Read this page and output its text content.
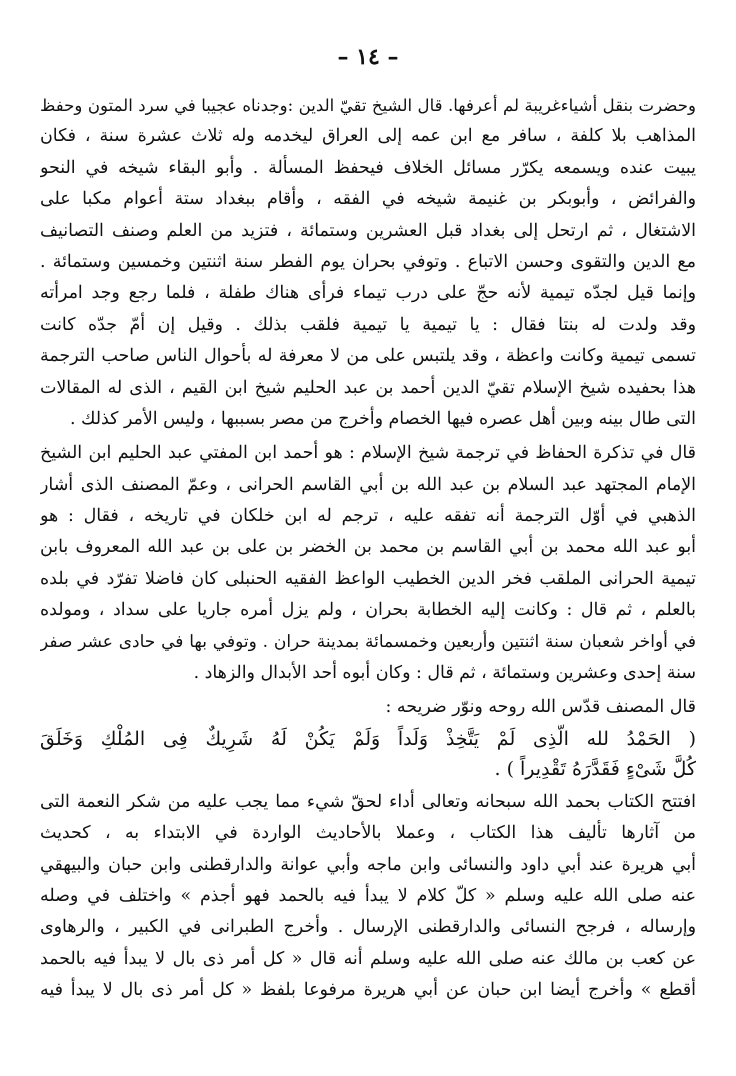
– ١٤ –
وحضرت بنقل أشياءغريبة لم أعرفها. قال الشيخ تقيّ الدين :وجدناه عجيبا في سرد المتون وحفظ
المذاهب بلا كلفة ، سافر مع ابن عمه إلى العراق ليخدمه وله ثلاث عشرة سنة ، فكان
يبيت عنده ويسمعه يكرّر مسائل الخلاف فيحفظ المسألة . وأبو البقاء شيخه في النحو
والفرائض ، وأبوبكر بن غنيمة شيخه في الفقه ، وأقام ببغداد ستة أعوام مكبا على
الاشتغال ، ثم ارتحل إلى بغداد قبل العشرين وستمائة ، فتزيد من العلم وصنف التصانيف
مع الدين والتقوى وحسن الاتباع . وتوفي بحران يوم الفطر سنة اثنتين وخمسين وستمائة .
وإنما قيل لجدّه تيمية لأنه حجّ على درب تيماء فرأى هناك طفلة ، فلما رجع وجد امرأته
وقد ولدت له بنتا فقال : يا تيمية يا تيمية فلقب بذلك . وقيل إن أمّ جدّه كانت
تسمى تيمية وكانت واعظة ، وقد يلتبس على من لا معرفة له بأحوال الناس صاحب الترجمة
هذا بحفيده شيخ الإسلام تقيّ الدين أحمد بن عبد الحليم شيخ ابن القيم ، الذى له المقالات
التى طال بينه وبين أهل عصره فيها الخصام وأخرج من مصر بسببها ، وليس الأمر كذلك .
قال في تذكرة الحفاظ في ترجمة شيخ الإسلام : هو أحمد ابن المفتي عبد الحليم ابن الشيخ
الإمام المجتهد عبد السلام بن عبد الله بن أبي القاسم الحرانى ، وعمّ المصنف الذى أشار
الذهبي في أوّل الترجمة أنه تفقه عليه ، ترجم له ابن خلكان في تاريخه ، فقال : هو
أبو عبد الله محمد بن أبي القاسم بن محمد بن الخضر بن على بن عبد الله المعروف بابن
تيمية الحرانى الملقب فخر الدين الخطيب الواعظ الفقيه الحنبلى كان فاضلا تفرّد في بلده
بالعلم ، ثم قال : وكانت إليه الخطابة بحران ، ولم يزل أمره جاريا على سداد ، ومولده
في أواخر شعبان سنة اثنتين وأربعين وخمسمائة بمدينة حران . وتوفي بها في حادى عشر صفر
سنة إحدى وعشرين وستمائة ، ثم قال : وكان أبوه أحد الأبدال والزهاد .
قال المصنف قدّس الله روحه ونوّر ضريحه :
( الحَمْدُ لله الَّذِى لَمْ يَتَّخِذْ وَلَداً وَلَمْ يَكُنْ لَهُ شَرِيكٌ فِى المُلْكِ وَخَلَقَ
كُلَّ شَىْءٍ فَقَدَّرَهُ تَقْدِيراً ) .
افتتح الكتاب بحمد الله سبحانه وتعالى أداء لحقّ شيء مما يجب عليه من شكر النعمة التى
من آثارها تأليف هذا الكتاب ، وعملا بالأحاديث الواردة في الابتداء به ، كحديث
أبي هريرة عند أبي داود والنسائى وابن ماجه وأبي عوانة والدارقطنى وابن حبان والبيهقي
عنه صلى الله عليه وسلم « كلّ كلام لا يبدأ فيه بالحمد فهو أجذم » واختلف في وصله
وإرساله ، فرجح النسائى والدارقطنى الإرسال . وأخرج الطبرانى في الكبير ، والرهاوى
عن كعب بن مالك عنه صلى الله عليه وسلم أنه قال « كل أمر ذى بال لا يبدأ فيه بالحمد
أقطع » وأخرج أيضا ابن حبان عن أبي هريرة مرفوعا بلفظ « كل أمر ذى بال لا يبدأ فيه
